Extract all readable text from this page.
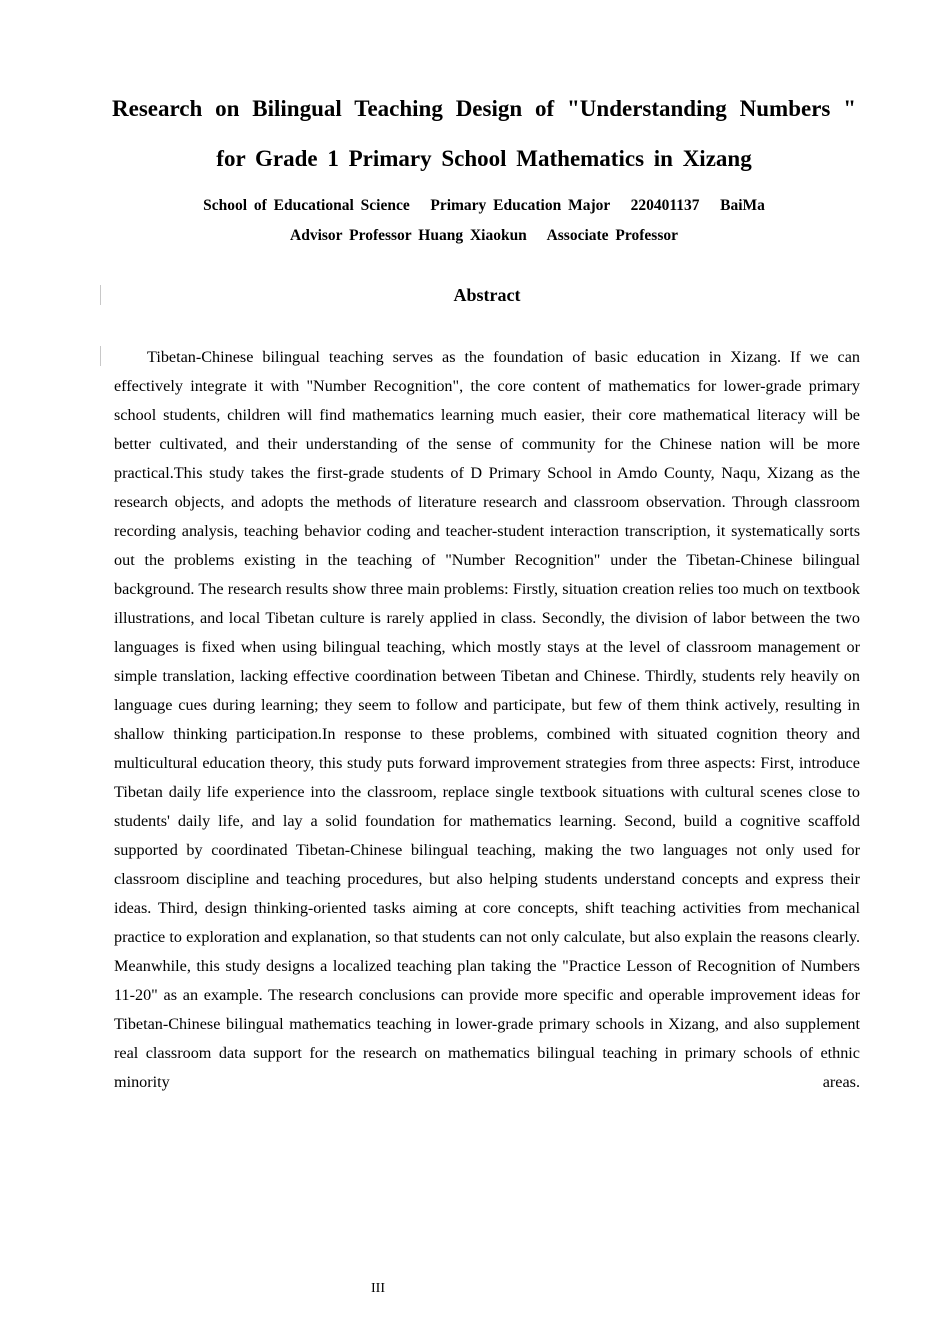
Research on Bilingual Teaching Design of "Understanding Numbers " for Grade 1 Primary School Mathematics in Xizang

School of Educational Science   Primary Education Major   220401137   BaiMa

Advisor Professor Huang Xiaokun   Associate Professor

Abstract

Tibetan-Chinese bilingual teaching serves as the foundation of basic education in Xizang. If we can effectively integrate it with "Number Recognition", the core content of mathematics for lower-grade primary school students, children will find mathematics learning much easier, their core mathematical literacy will be better cultivated, and their understanding of the sense of community for the Chinese nation will be more practical.This study takes the first-grade students of D Primary School in Amdo County, Naqu, Xizang as the research objects, and adopts the methods of literature research and classroom observation. Through classroom recording analysis, teaching behavior coding and teacher-student interaction transcription, it systematically sorts out the problems existing in the teaching of "Number Recognition" under the Tibetan-Chinese bilingual background. The research results show three main problems: Firstly, situation creation relies too much on textbook illustrations, and local Tibetan culture is rarely applied in class. Secondly, the division of labor between the two languages is fixed when using bilingual teaching, which mostly stays at the level of classroom management or simple translation, lacking effective coordination between Tibetan and Chinese. Thirdly, students rely heavily on language cues during learning; they seem to follow and participate, but few of them think actively, resulting in shallow thinking participation.In response to these problems, combined with situated cognition theory and multicultural education theory, this study puts forward improvement strategies from three aspects: First, introduce Tibetan daily life experience into the classroom, replace single textbook situations with cultural scenes close to students' daily life, and lay a solid foundation for mathematics learning. Second, build a cognitive scaffold supported by coordinated Tibetan-Chinese bilingual teaching, making the two languages not only used for classroom discipline and teaching procedures, but also helping students understand concepts and express their ideas. Third, design thinking-oriented tasks aiming at core concepts, shift teaching activities from mechanical practice to exploration and explanation, so that students can not only calculate, but also explain the reasons clearly. Meanwhile, this study designs a localized teaching plan taking the "Practice Lesson of Recognition of Numbers 11-20" as an example. The research conclusions can provide more specific and operable improvement ideas for Tibetan-Chinese bilingual mathematics teaching in lower-grade primary schools in Xizang, and also supplement real classroom data support for the research on mathematics bilingual teaching in primary schools of ethnic minority areas.

III
